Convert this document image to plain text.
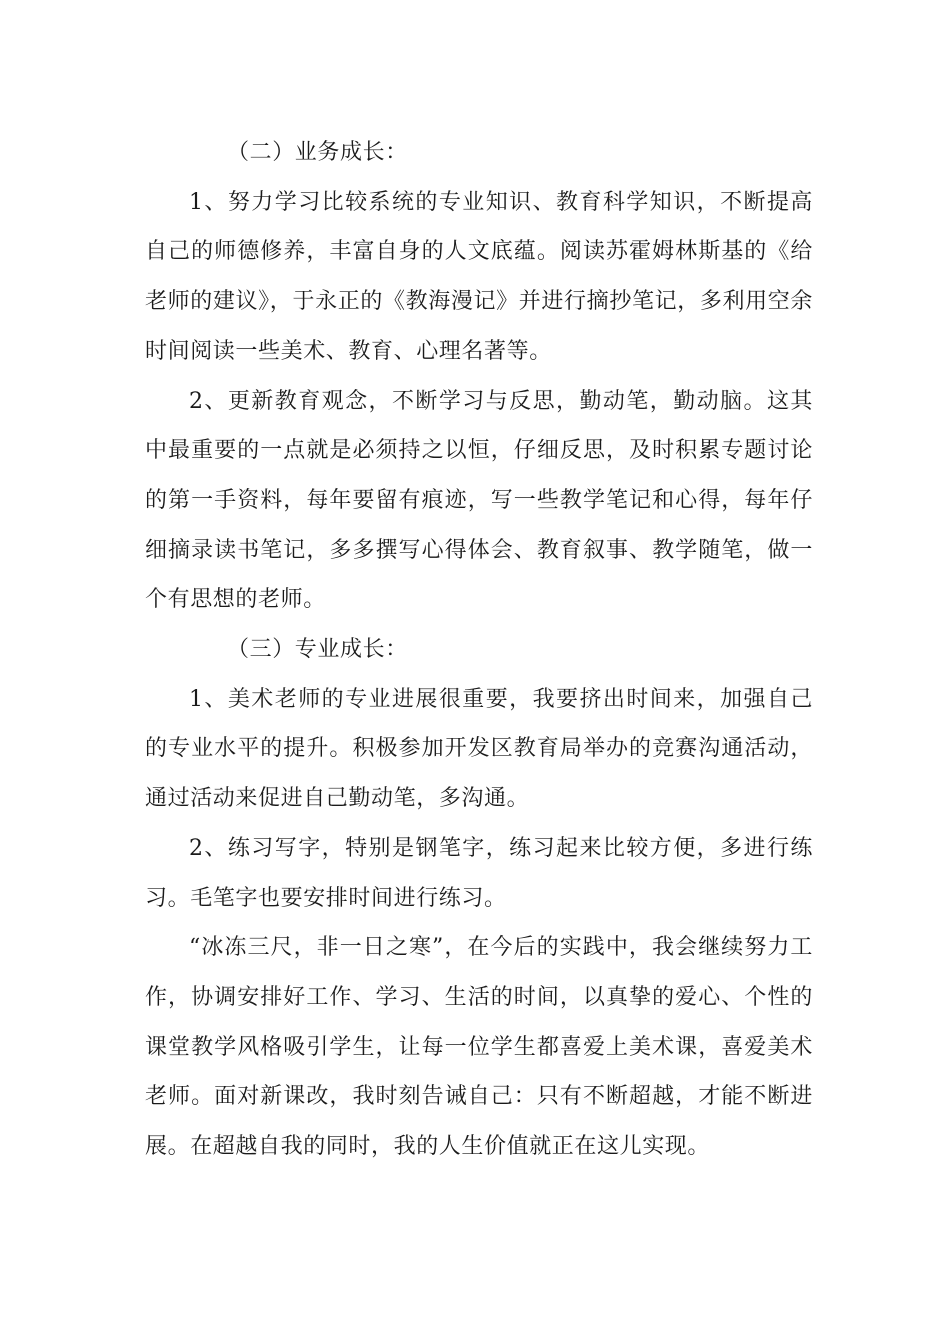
（二）业务成长：

1、努力学习比较系统的专业知识、教育科学知识，不断提高自己的师德修养，丰富自身的人文底蕴。阅读苏霍姆林斯基的《给老师的建议》，于永正的《教海漫记》并进行摘抄笔记，多利用空余时间阅读一些美术、教育、心理名著等。

2、更新教育观念，不断学习与反思，勤动笔，勤动脑。这其中最重要的一点就是必须持之以恒，仔细反思，及时积累专题讨论的第一手资料，每年要留有痕迹，写一些教学笔记和心得，每年仔细摘录读书笔记，多多撰写心得体会、教育叙事、教学随笔，做一个有思想的老师。

（三）专业成长：

1、美术老师的专业进展很重要，我要挤出时间来，加强自己的专业水平的提升。积极参加开发区教育局举办的竞赛沟通活动，通过活动来促进自己勤动笔，多沟通。

2、练习写字，特别是钢笔字，练习起来比较方便，多进行练习。毛笔字也要安排时间进行练习。

“冰冻三尺，非一日之寒”，在今后的实践中，我会继续努力工作，协调安排好工作、学习、生活的时间，以真挚的爱心、个性的课堂教学风格吸引学生，让每一位学生都喜爱上美术课，喜爱美术老师。面对新课改，我时刻告诫自己：只有不断超越，才能不断进展。在超越自我的同时，我的人生价值就正在这儿实现。
